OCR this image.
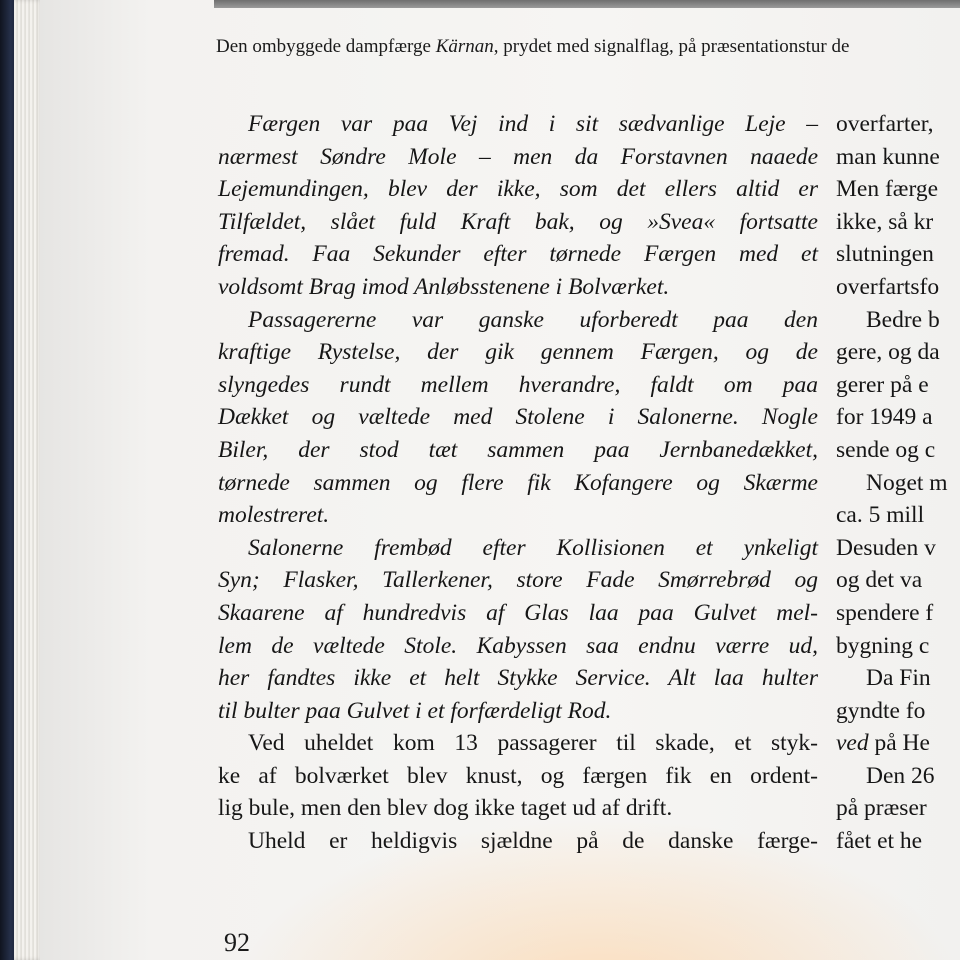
Den ombyggede dampfærge Kärnan, prydet med signalflag, på præsentationstur de
Færgen var paa Vej ind i sit sædvanlige Leje –
nærmest Søndre Mole – men da Forstavnen naaede
Lejemundingen, blev der ikke, som det ellers altid er
Tilfældet, slået fuld Kraft bak, og »Svea« fortsatte
fremad. Faa Sekunder efter tørnede Færgen med et
voldsomt Brag imod Anløbsstenene i Bolværket.
Passagererne var ganske uforberedt paa den
kraftige Rystelse, der gik gennem Færgen, og de
slyngedes rundt mellem hverandre, faldt om paa
Dækket og væltede med Stolene i Salonerne. Nogle
Biler, der stod tæt sammen paa Jernbanedækket,
tørnede sammen og flere fik Kofangere og Skærme
molestreret.
Salonerne frembød efter Kollisionen et ynkeligt
Syn; Flasker, Tallerkener, store Fade Smørrebrød og
Skaarene af hundredvis af Glas laa paa Gulvet mel-
lem de væltede Stole. Kabyssen saa endnu værre ud,
her fandtes ikke et helt Stykke Service. Alt laa hulter
til bulter paa Gulvet i et forfærdeligt Rod.
Ved uheldet kom 13 passagerer til skade, et styk-
ke af bolværket blev knust, og færgen fik en ordent-
lig bule, men den blev dog ikke taget ud af drift.
Uheld er heldigvis sjældne på de danske færge-
overfarter,
man kunne
Men færge
ikke, så kr
slutningen
overfartsfo
Bedre b
gere, og da
gerer på e
for 1949 a
sende og c
Noget m
ca. 5 mill
Desuden v
og det va
spendere f
bygning c
Da Fin
gyndte fo
ved på He
Den 26
på præser
fået et he
92
